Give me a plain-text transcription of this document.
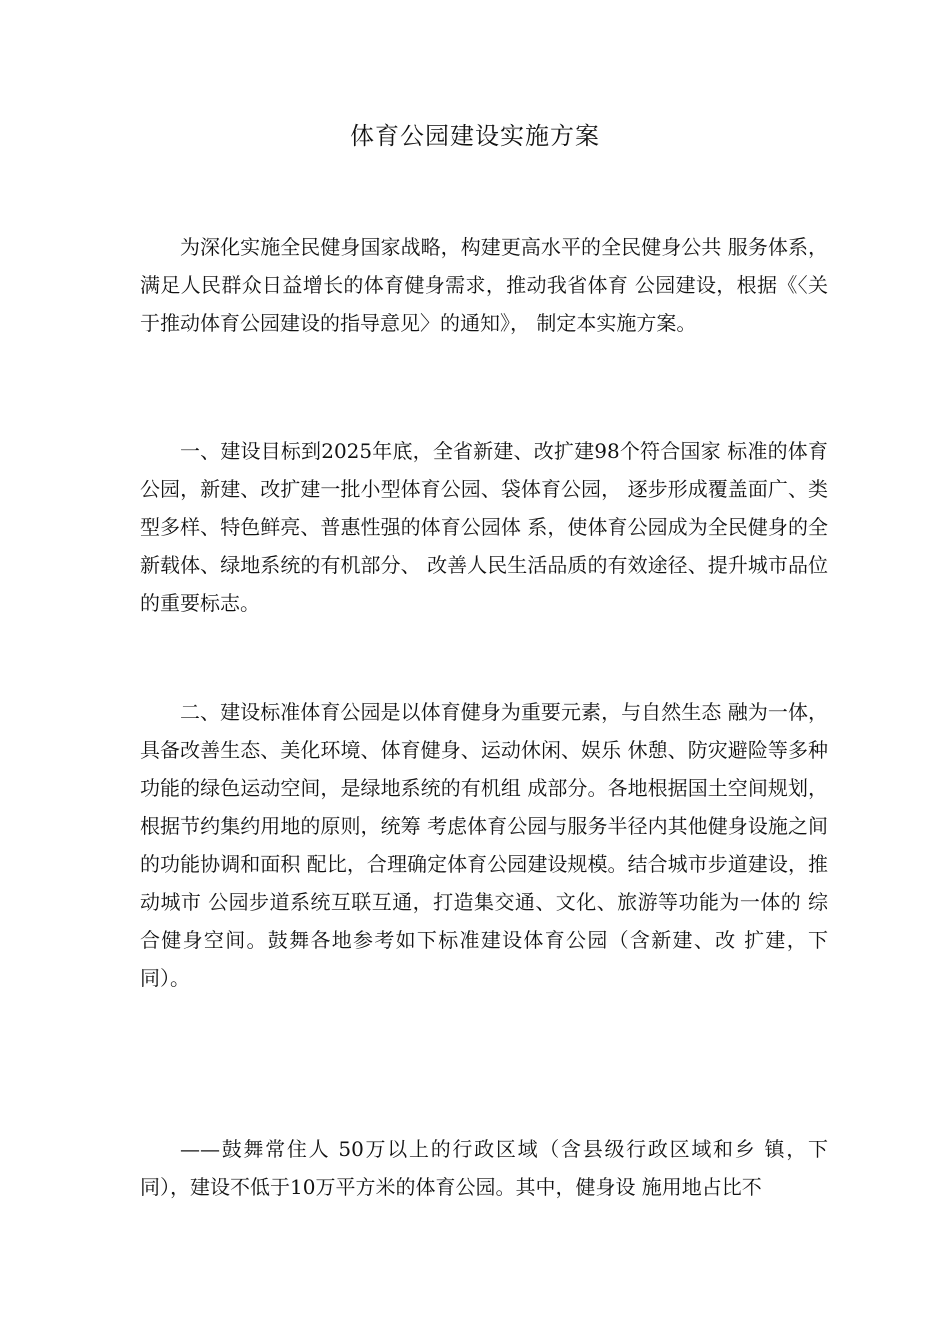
体育公园建设实施方案

为深化实施全民健身国家战略，构建更高水平的全民健身公共 服务体系，满足人民群众日益增长的体育健身需求，推动我省体育 公园建设，根据《〈关于推动体育公园建设的指导意见〉的通知》， 制定本实施方案。

一、建设目标到2025年底，全省新建、改扩建98个符合国家 标准的体育公园，新建、改扩建一批小型体育公园、袋体育公园， 逐步形成覆盖面广、类型多样、特色鲜亮、普惠性强的体育公园体 系，使体育公园成为全民健身的全新载体、绿地系统的有机部分、 改善人民生活品质的有效途径、提升城市品位的重要标志。

二、建设标准体育公园是以体育健身为重要元素，与自然生态 融为一体，具备改善生态、美化环境、体育健身、运动休闲、娱乐 休憩、防灾避险等多种功能的绿色运动空间，是绿地系统的有机组 成部分。各地根据国土空间规划，根据节约集约用地的原则，统筹 考虑体育公园与服务半径内其他健身设施之间的功能协调和面积 配比，合理确定体育公园建设规模。结合城市步道建设，推动城市 公园步道系统互联互通，打造集交通、文化、旅游等功能为一体的 综合健身空间。鼓舞各地参考如下标准建设体育公园（含新建、改 扩建，下同）。

——鼓舞常住人 50万以上的行政区域（含县级行政区域和乡 镇，下同），建设不低于10万平方米的体育公园。其中，健身设 施用地占比不
